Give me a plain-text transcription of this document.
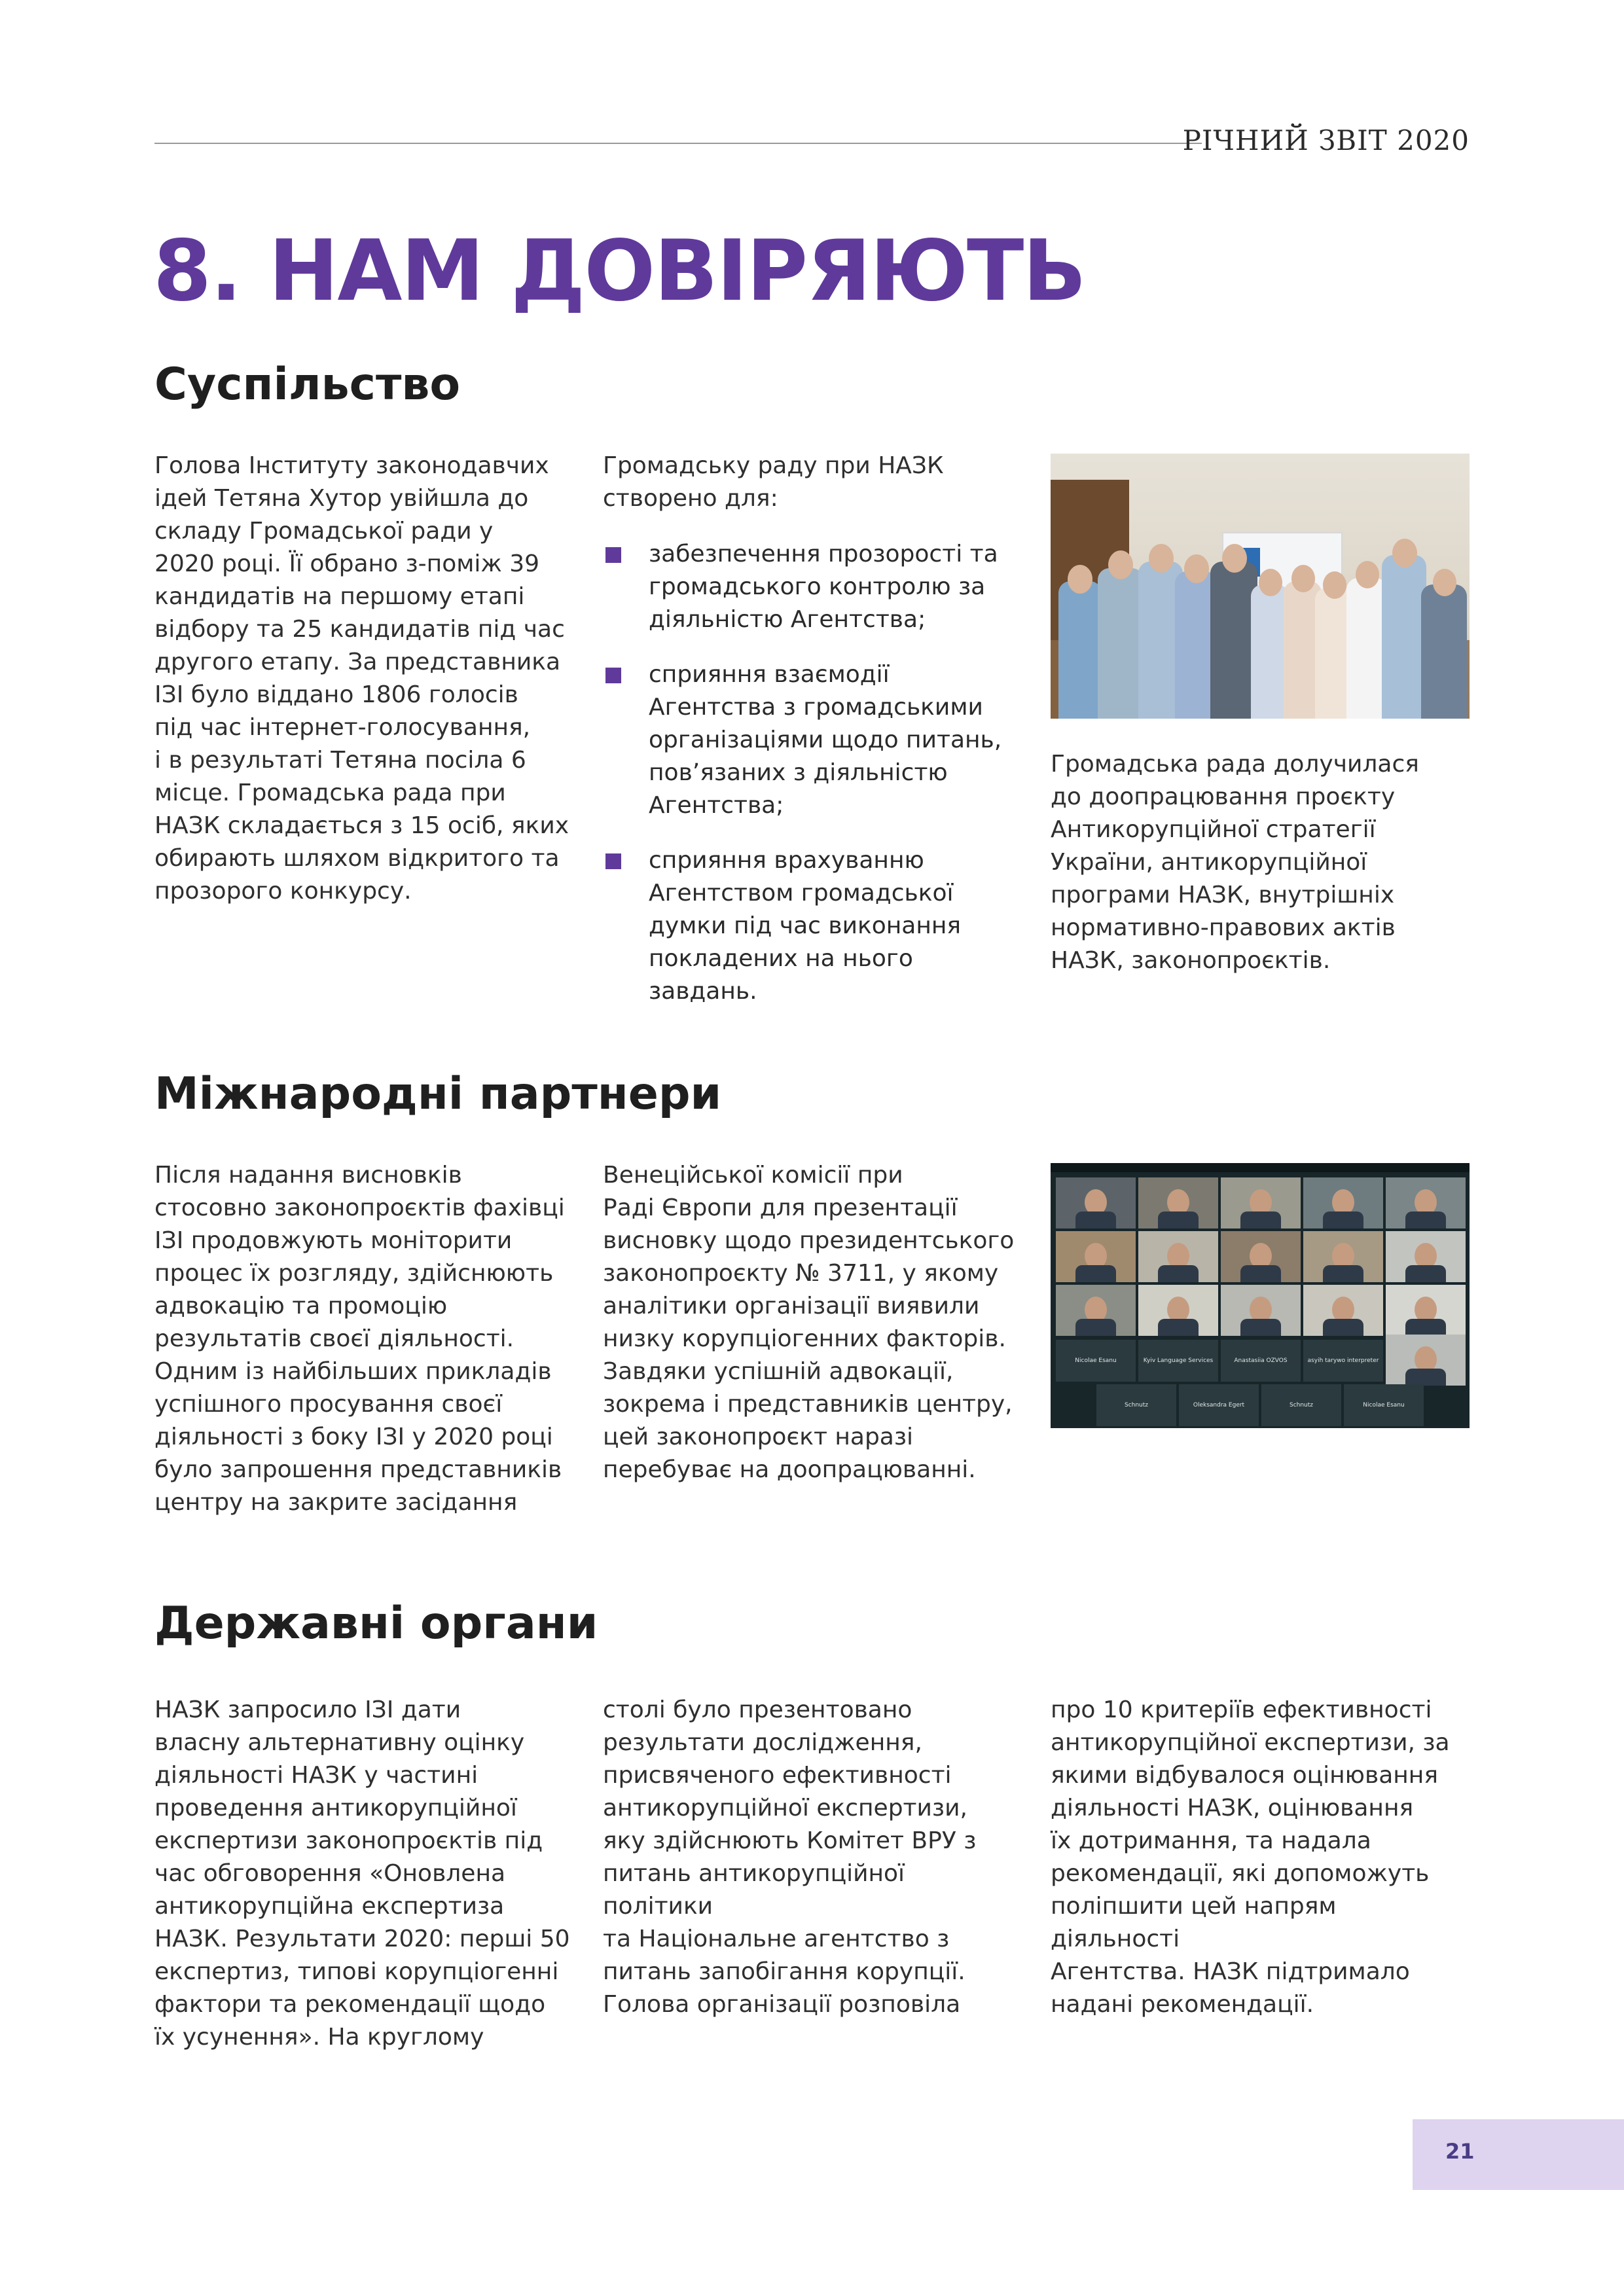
РІЧНИЙ ЗВІТ 2020
8. НАМ ДОВІРЯЮТЬ
Суспільство

Голова Інституту законодавчих
ідей Тетяна Хутор увійшла до
складу Громадської ради у
2020 році. Її обрано з-поміж 39
кандидатів на першому етапі
відбору та 25 кандидатів під час
другого етапу. За представника
ІЗІ було віддано 1806 голосів
під час інтернет-голосування,
і в результаті Тетяна посіла 6
місце. Громадська рада при
НАЗК складається з 15 осіб, яких
обирають шляхом відкритого та
прозорого конкурсу.

Громадську раду при НАЗК
створено для:

забезпечення прозорості та
громадського контролю за
діяльністю Агентства;
сприяння взаємодії
Агентства з громадськими
організаціями щодо питань,
пов’язаних з діяльністю
Агентства;
сприяння врахуванню
Агентством громадської
думки під час виконання
покладених на нього
завдань.

Громадська рада долучилася
до доопрацювання проєкту
Антикорупційної стратегії
України, антикорупційної
програми НАЗК, внутрішніх
нормативно-правових актів
НАЗК, законопроєктів.

Міжнародні партнери

Після надання висновків
стосовно законопроєктів фахівці
ІЗІ продовжують моніторити
процес їх розгляду, здійснюють
адвокацію та промоцію
результатів своєї діяльності.
Одним із найбільших прикладів
успішного просування своєї
діяльності з боку ІЗІ у 2020 році
було запрошення представників
центру на закрите засідання

Венеційської комісії при
Раді Європи для презентації
висновку щодо президентського
законопроєкту № 3711, у якому
аналітики організації виявили
низку корупціогенних факторів.
Завдяки успішній адвокації,
зокрема і представників центру,
цей законопроєкт наразі
перебуває на доопрацюванні.

Nicolae Esanu	Kyiv Language Services	Anastasiia OZVOS	asyih tarywo interpreter
Schnutz	Oleksandra Egert	Schnutz	Nicolae Esanu
Державні органи

НАЗК запросило ІЗІ дати
власну альтернативну оцінку
діяльності НАЗК у частині
проведення антикорупційної
експертизи законопроєктів під
час обговорення «Оновлена
антикорупційна експертиза
НАЗК. Результати 2020: перші 50
експертиз, типові корупціогенні
фактори та рекомендації щодо
їх усунення». На круглому

столі було презентовано
результати дослідження,
присвяченого ефективності
антикорупційної експертизи,
яку здійснюють Комітет ВРУ з
питань антикорупційної політики
та Національне агентство з
питань запобігання корупції.
Голова організації розповіла

про 10 критеріїв ефективності
антикорупційної експертизи, за
якими відбувалося оцінювання
діяльності НАЗК, оцінювання
їх дотримання, та надала
рекомендації, які допоможуть
поліпшити цей напрям діяльності
Агентства. НАЗК підтримало
надані рекомендації.

21
